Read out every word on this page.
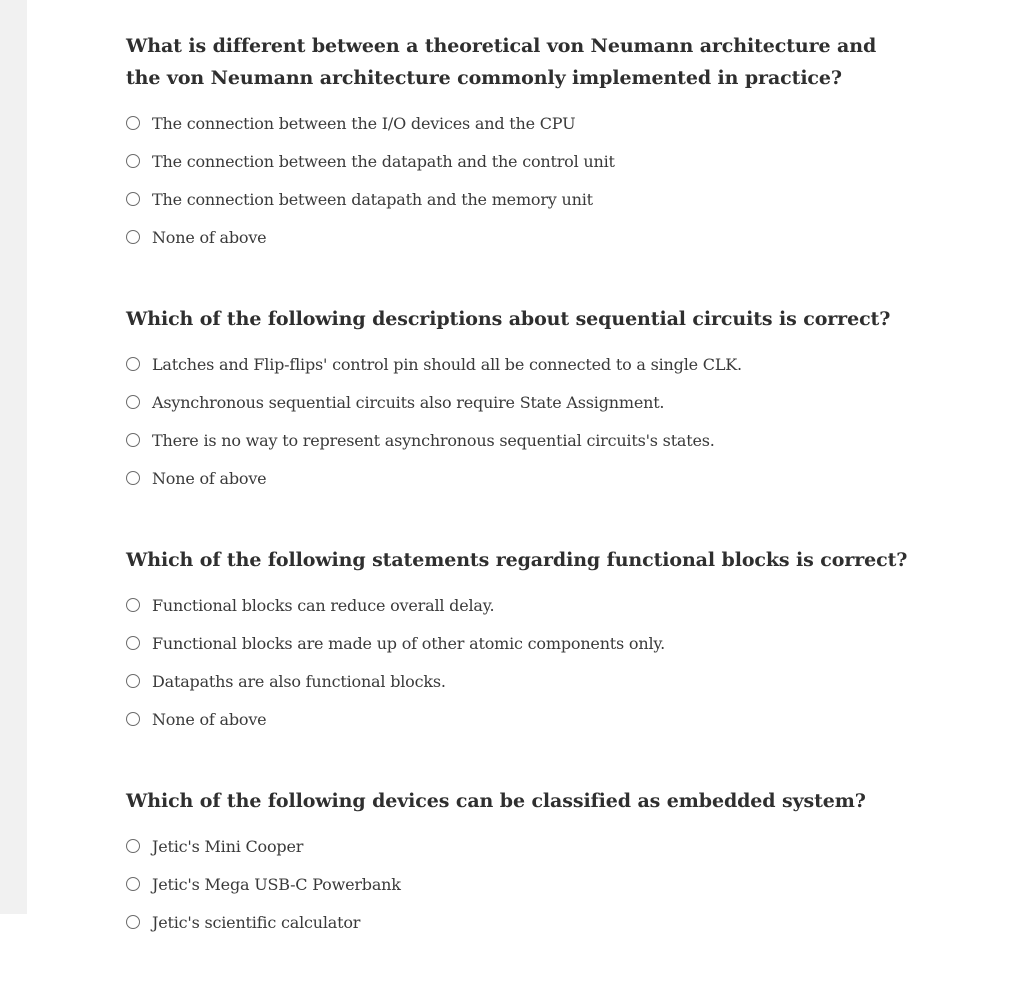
What is different between a theoretical von Neumann architecture and the von Neumann architecture commonly implemented in practice?
The connection between the I/O devices and the CPU
The connection between the datapath and the control unit
The connection between datapath and the memory unit
None of above
Which of the following descriptions about sequential circuits is correct?
Latches and Flip-flips' control pin should all be connected to a single CLK.
Asynchronous sequential circuits also require State Assignment.
There is no way to represent asynchronous sequential circuits's states.
None of above
Which of the following statements regarding functional blocks is correct?
Functional blocks can reduce overall delay.
Functional blocks are made up of other atomic components only.
Datapaths are also functional blocks.
None of above
Which of the following devices can be classified as embedded system?
Jetic's Mini Cooper
Jetic's Mega USB-C Powerbank
Jetic's scientific calculator
